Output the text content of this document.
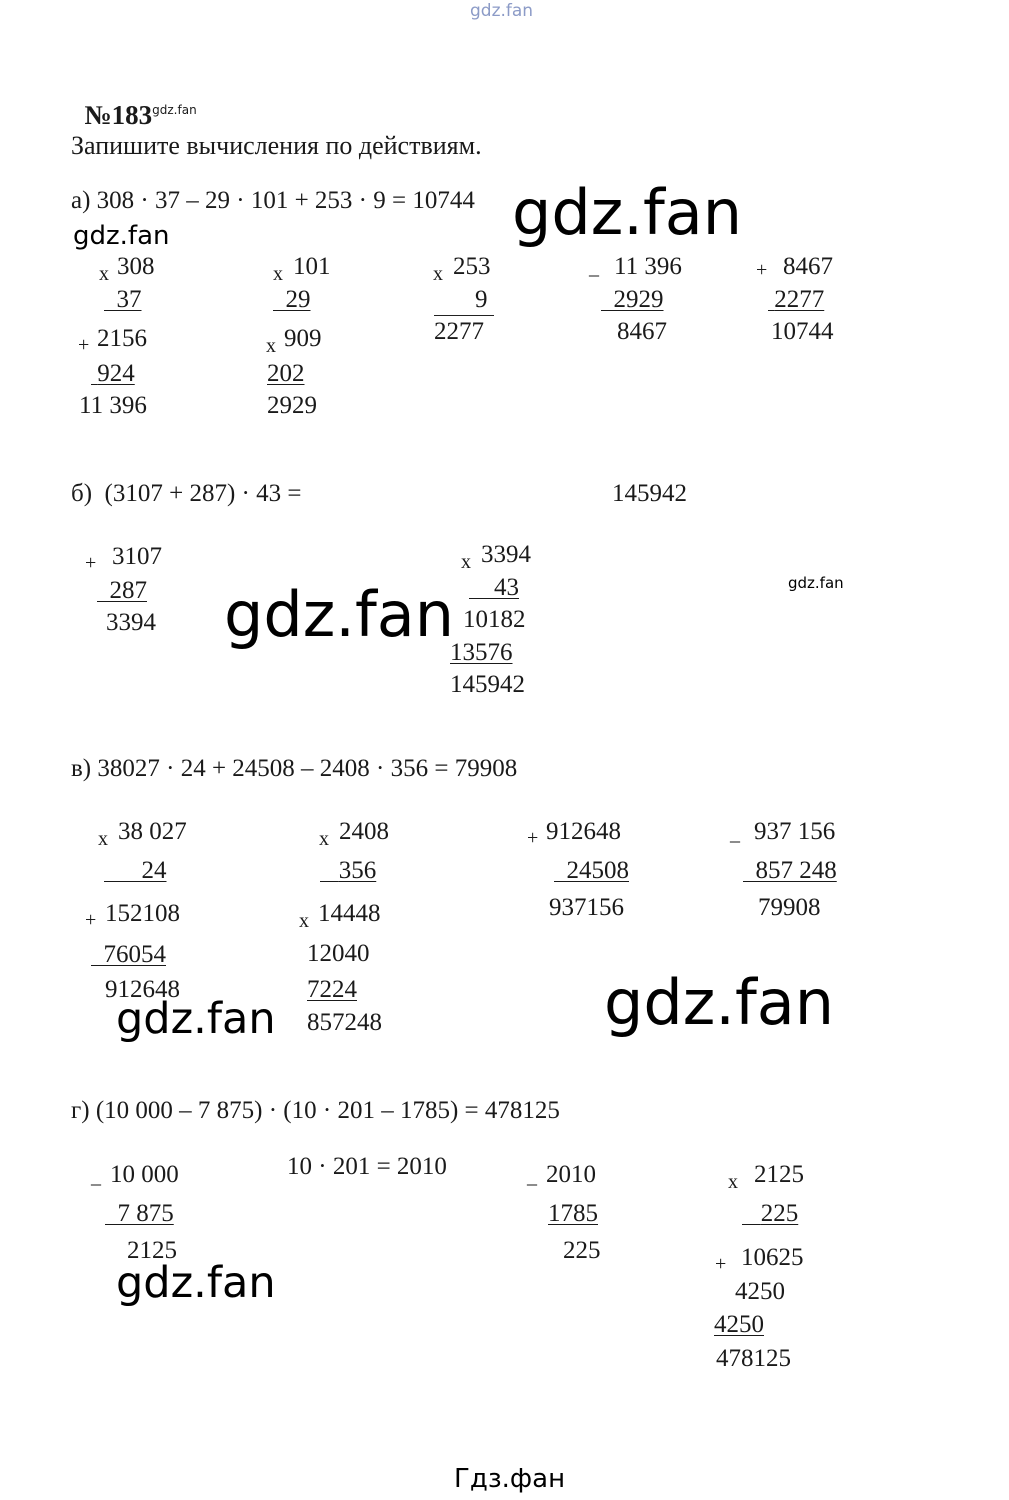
gdz.fan

$№183^{gdz.fan}$

Запишите вычисления по действиям.
а) 308 · 37 – 29 · 101 + 253 · 9 = 10744
x 308
37
+ 2156
924
11 396
x 101
29
x 909
202
2929
x 253
9
2277
_ 11 396
2929
8467
+ 8467
2277
10744
б)  (3107 + 287) · 43 =	145942
+ 3107
287
3394
x 3394
43
10182
13576
145942
в) 38027 · 24 + 24508 – 2408 · 356 = 79908
x 38 027
24
+ 152108
76054
912648
x 2408
356
x 14448
12040
7224
857248
+ 912648
24508
937156
_ 937 156
857 248
79908
г) (10 000 – 7 875) · (10 · 201 – 1785) = 478125
_ 10 000
7 875
2125
10 · 201 = 2010	_ 2010
1785
225
x 2125
225
+ 10625
4250
4250
478125
gdz.fan
gdz.fan
gdz.fan	gdz.fan
gdz.fan	gdz.fan
gdz.fan
Гдз.фан
